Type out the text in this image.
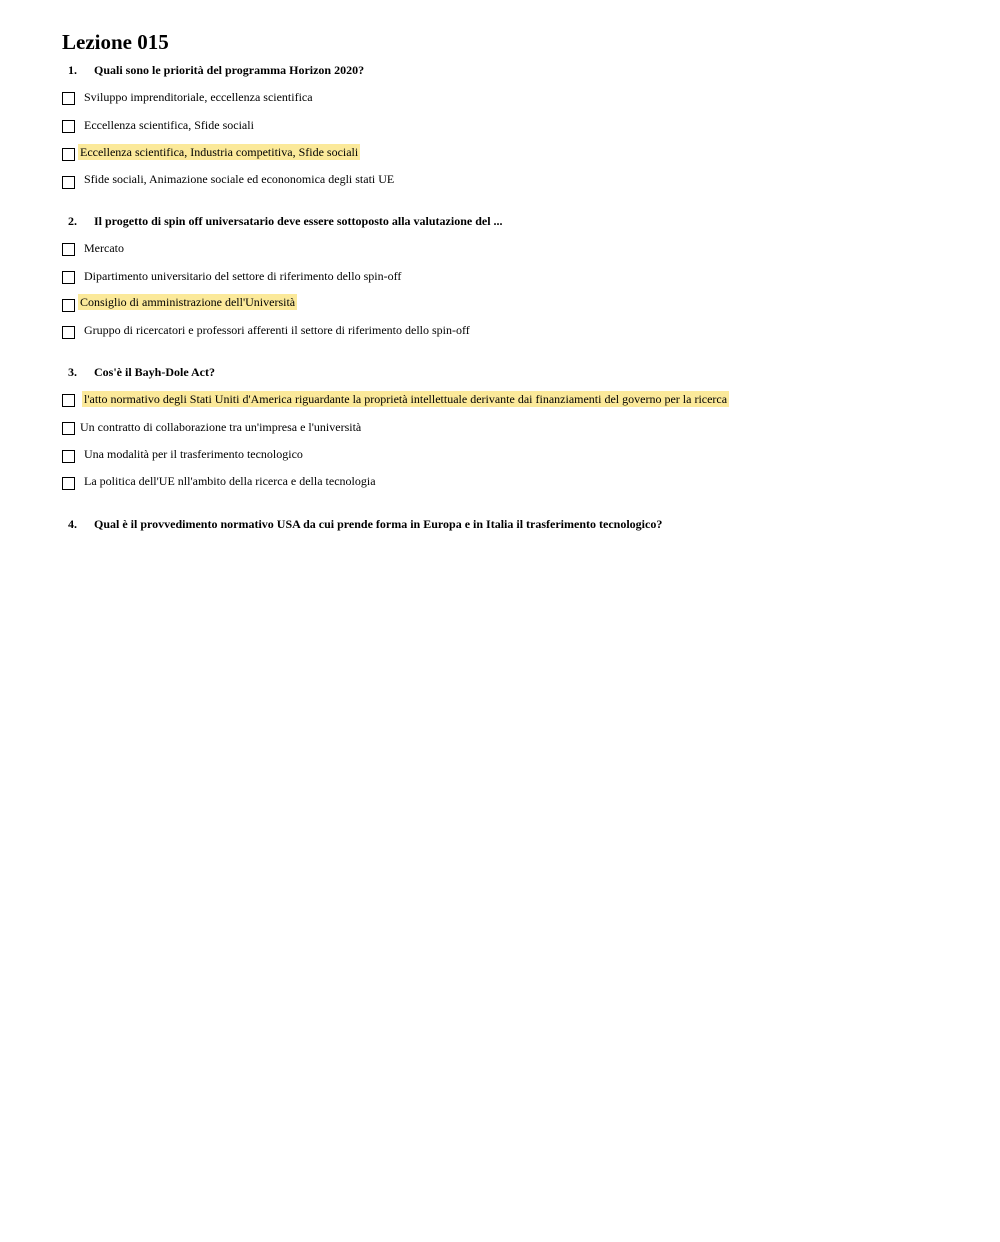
Lezione 015
1. Quali sono le priorità del programma Horizon 2020?
Sviluppo imprenditoriale, eccellenza scientifica
Eccellenza scientifica, Sfide sociali
Eccellenza scientifica, Industria competitiva, Sfide sociali
Sfide sociali, Animazione sociale ed econonomica degli stati UE
2. Il progetto di spin off universatario deve essere sottoposto alla valutazione del ...
Mercato
Dipartimento universitario del settore di riferimento dello spin-off
Consiglio di amministrazione dell'Università
Gruppo di ricercatori e professori afferenti il settore di riferimento dello spin-off
3. Cos'è il Bayh-Dole Act?
l'atto normativo degli Stati Uniti d'America riguardante la proprietà intellettuale derivante dai finanziamenti del governo per la ricerca
Un contratto di collaborazione tra un'impresa e l'università
Una modalità per il trasferimento tecnologico
La politica dell'UE nll'ambito della ricerca e della tecnologia
4. Qual è il provvedimento normativo USA da cui prende forma in Europa e in Italia il trasferimento tecnologico?
